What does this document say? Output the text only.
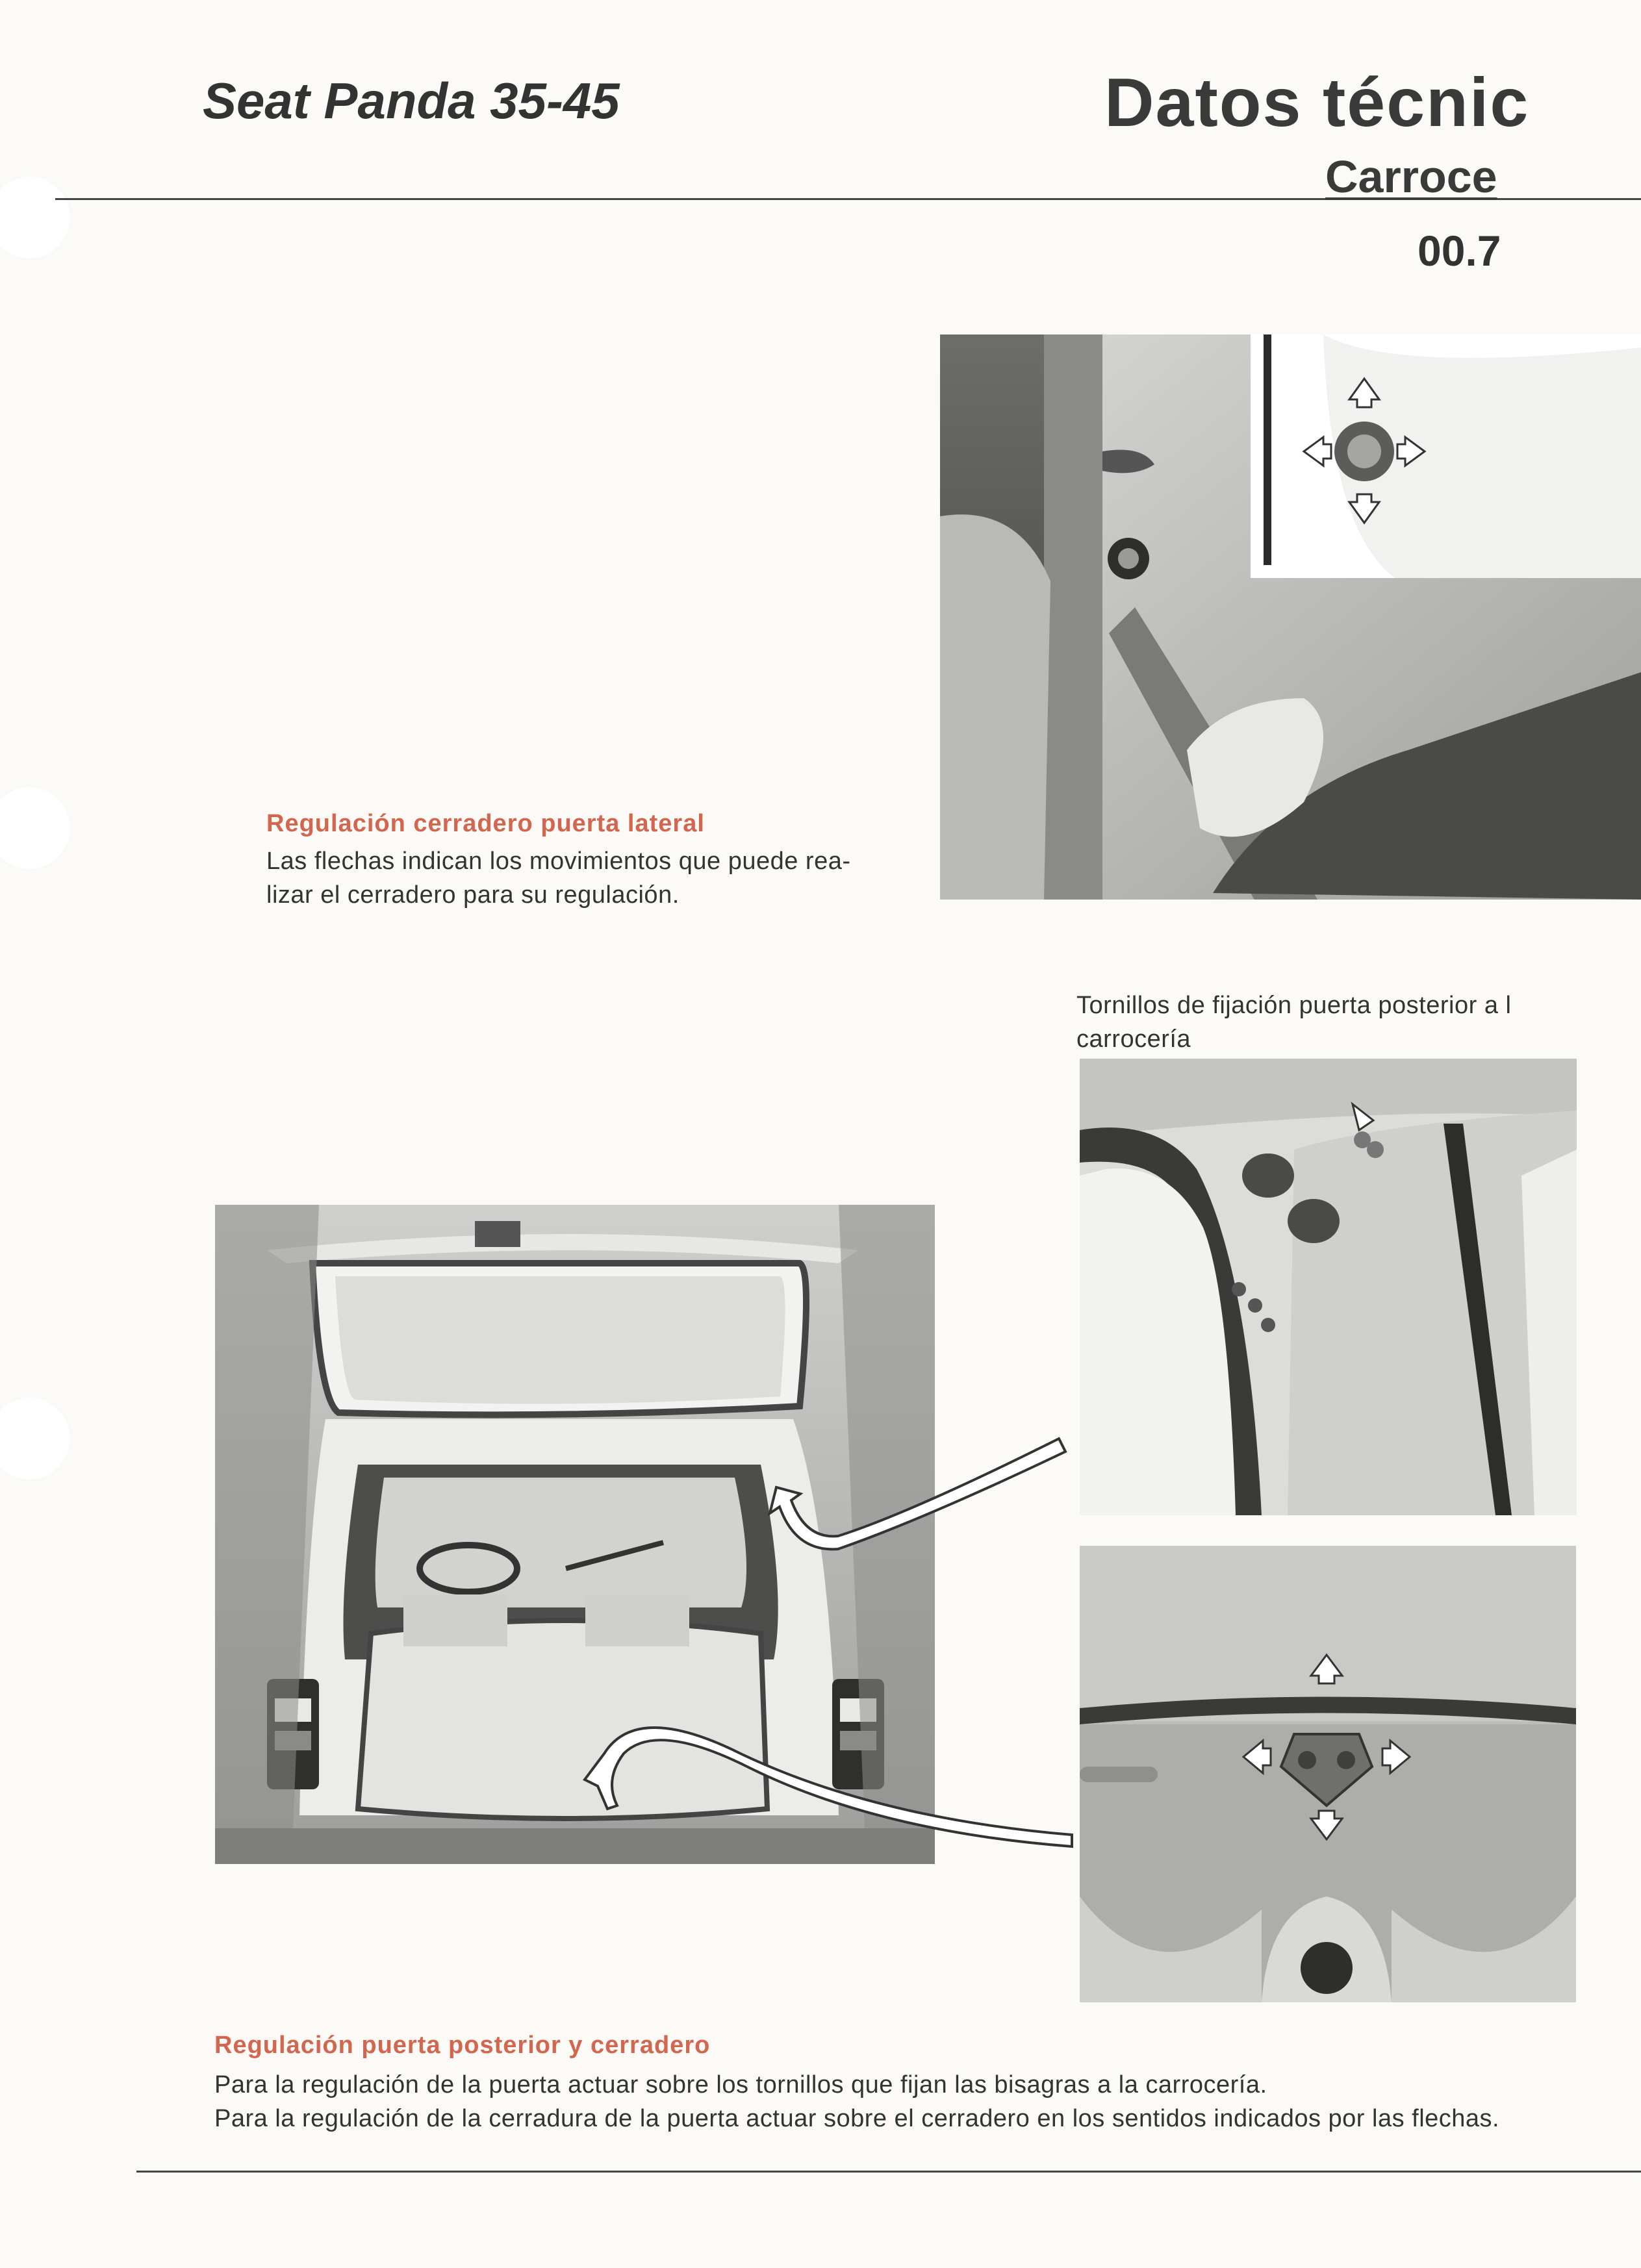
Seat Panda 35-45	Datos técnic
Carroce
00.7
Regulación cerradero puerta lateral
Las flechas indican los movimientos que puede rea-
lizar el cerradero para su regulación.
Tornillos de fijación puerta posterior a l
carrocería
Regulación puerta posterior y cerradero
Para la regulación de la puerta actuar sobre los tornillos que fijan las bisagras a la carrocería.
Para la regulación de la cerradura de la puerta actuar sobre el cerradero en los sentidos indicados por las flechas.
